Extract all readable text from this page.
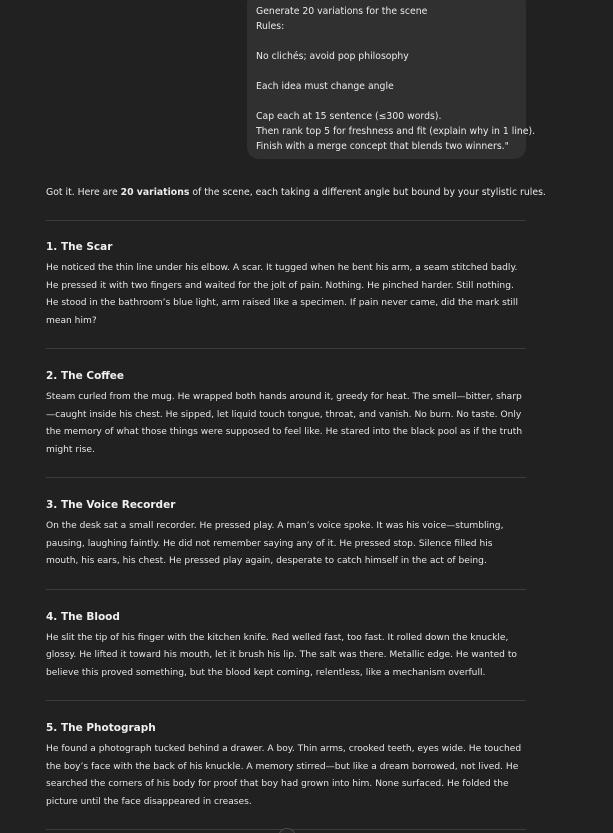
Generate 20 variations for the scene
Rules:
No clichés; avoid pop philosophy
Each idea must change angle
Cap each at 15 sentence (≤300 words).
Then rank top 5 for freshness and fit (explain why in 1 line).
Finish with a merge concept that blends two winners."

Got it. Here are 20 variations of the scene, each taking a different angle but bound by your stylistic rules.

1. The Scar

He noticed the thin line under his elbow. A scar. It tugged when he bent his arm, a seam stitched badly. He pressed it with two fingers and waited for the jolt of pain. Nothing. He pinched harder. Still nothing. He stood in the bathroom’s blue light, arm raised like a specimen. If pain never came, did the mark still mean him?

2. The Coffee

Steam curled from the mug. He wrapped both hands around it, greedy for heat. The smell—bitter, sharp—caught inside his chest. He sipped, let liquid touch tongue, throat, and vanish. No burn. No taste. Only the memory of what those things were supposed to feel like. He stared into the black pool as if the truth might rise.

3. The Voice Recorder

On the desk sat a small recorder. He pressed play. A man’s voice spoke. It was his voice—stumbling, pausing, laughing faintly. He did not remember saying any of it. He pressed stop. Silence filled his mouth, his ears, his chest. He pressed play again, desperate to catch himself in the act of being.

4. The Blood

He slit the tip of his finger with the kitchen knife. Red welled fast, too fast. It rolled down the knuckle, glossy. He lifted it toward his mouth, let it brush his lip. The salt was there. Metallic edge. He wanted to believe this proved something, but the blood kept coming, relentless, like a mechanism overfull.

5. The Photograph

He found a photograph tucked behind a drawer. A boy. Thin arms, crooked teeth, eyes wide. He touched the boy’s face with the back of his knuckle. A memory stirred—but like a dream borrowed, not lived. He searched the corners of his body for proof that boy had grown into him. None surfaced. He folded the picture until the face disappeared in creases.
